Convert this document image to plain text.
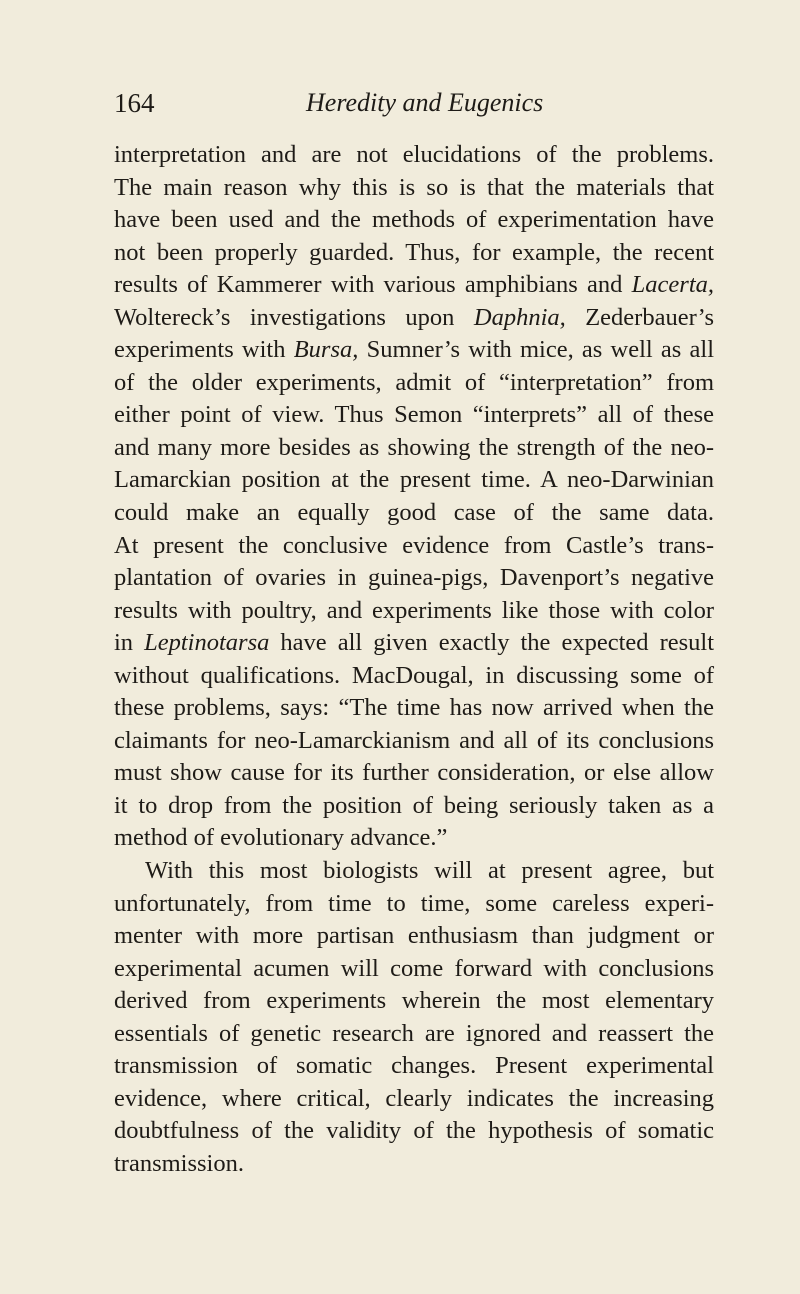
164	Heredity and Eugenics
interpretation and are not elucidations of the problems.
The main reason why this is so is that the materials that
have been used and the methods of experimentation have
not been properly guarded. Thus, for example, the recent
results of Kammerer with various amphibians and Lacerta,
Woltereck’s investigations upon Daphnia, Zederbauer’s
experiments with Bursa, Sumner’s with mice, as well as all
of the older experiments, admit of “interpretation” from
either point of view. Thus Semon “interprets” all of these
and many more besides as showing the strength of the neo-
Lamarckian position at the present time. A neo-Darwinian
could make an equally good case of the same data.
At present the conclusive evidence from Castle’s trans-
plantation of ovaries in guinea-pigs, Davenport’s negative
results with poultry, and experiments like those with color
in Leptinotarsa have all given exactly the expected result
without qualifications. MacDougal, in discussing some of
these problems, says: “The time has now arrived when the
claimants for neo-Lamarckianism and all of its conclusions
must show cause for its further consideration, or else allow
it to drop from the position of being seriously taken as a
method of evolutionary advance.”
With this most biologists will at present agree, but
unfortunately, from time to time, some careless experi-
menter with more partisan enthusiasm than judgment or
experimental acumen will come forward with conclusions
derived from experiments wherein the most elementary
essentials of genetic research are ignored and reassert the
transmission of somatic changes. Present experimental
evidence, where critical, clearly indicates the increasing
doubtfulness of the validity of the hypothesis of somatic
transmission.
